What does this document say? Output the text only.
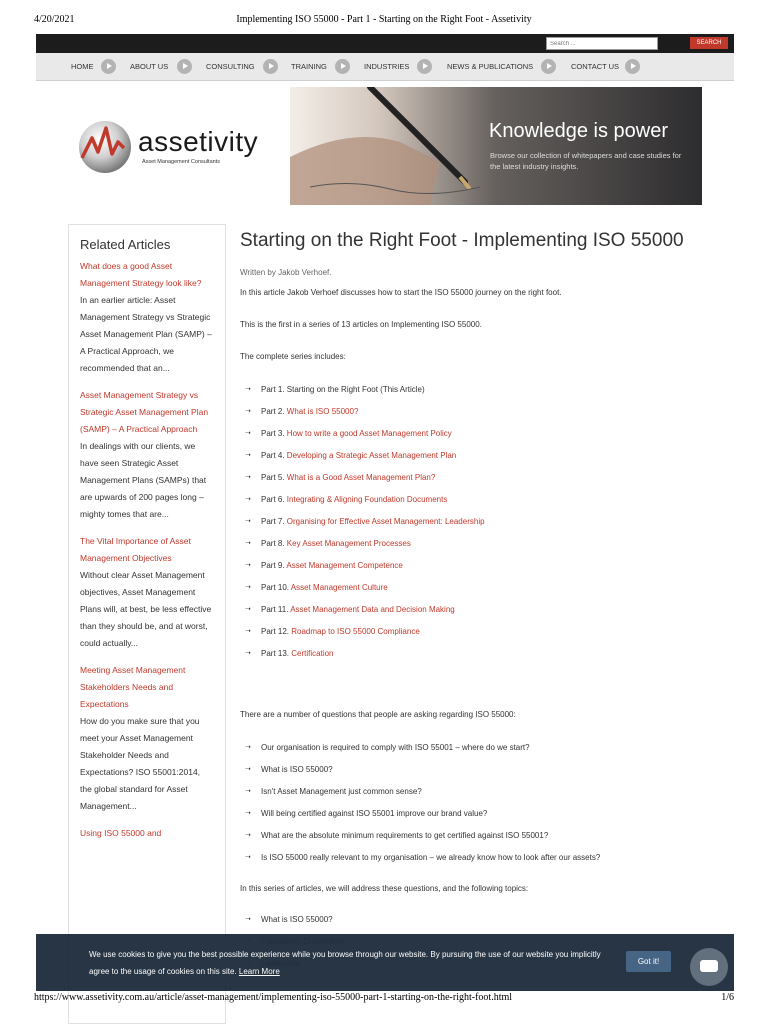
4/20/2021	Implementing ISO 55000 - Part 1 - Starting on the Right Foot - Assetivity
Search ...
SEARCH
HOME	ABOUT US	CONSULTING	TRAINING	INDUSTRIES	NEWS & PUBLICATIONS	CONTACT US
assetivity
Asset Management Consultants
Knowledge is power
Browse our collection of whitepapers and case studies for the latest industry insights.
Related Articles
What does a good Asset Management Strategy look like?
In an earlier article: Asset Management Strategy vs Strategic Asset Management Plan (SAMP) – A Practical Approach, we recommended that an...
Asset Management Strategy vs Strategic Asset Management Plan (SAMP) – A Practical Approach
In dealings with our clients, we have seen Strategic Asset Management Plans (SAMPs) that are upwards of 200 pages long – mighty tomes that are...
The Vital Importance of Asset Management Objectives
Without clear Asset Management objectives, Asset Management Plans will, at best, be less effective than they should be, and at worst, could actually...
Meeting Asset Management Stakeholders Needs and Expectations
How do you make sure that you meet your Asset Management Stakeholder Needs and Expectations? ISO 55001:2014, the global standard for Asset Management...
Using ISO 55000 and
Starting on the Right Foot - Implementing ISO 55000
Written by Jakob Verhoef.

In this article Jakob Verhoef discusses how to start the ISO 55000 journey on the right foot.

This is the first in a series of 13 articles on Implementing ISO 55000.

The complete series includes:

➝ Part 1. Starting on the Right Foot (This Article)
➝ Part 2. What is ISO 55000?
➝ Part 3. How to write a good Asset Management Policy
➝ Part 4. Developing a Strategic Asset Management Plan
➝ Part 5. What is a Good Asset Management Plan?
➝ Part 6. Integrating & Aligning Foundation Documents
➝ Part 7. Organising for Effective Asset Management: Leadership
➝ Part 8. Key Asset Management Processes
➝ Part 9. Asset Management Competence
➝ Part 10. Asset Management Culture
➝ Part 11. Asset Management Data and Decision Making
➝ Part 12. Roadmap to ISO 55000 Compliance
➝ Part 13. Certification

There are a number of questions that people are asking regarding ISO 55000:

➝ Our organisation is required to comply with ISO 55001 – where do we start?
➝ What is ISO 55000?
➝ Isn't Asset Management just common sense?
➝ Will being certified against ISO 55001 improve our brand value?
➝ What are the absolute minimum requirements to get certified against ISO 55001?
➝ Is ISO 55000 really relevant to my organisation – we already know how to look after our assets?

In this series of articles, we will address these questions, and the following topics:

➝ What is ISO 55000?
➝
➝
We use cookies to give you the best possible experience while you browse through our website. By pursuing the use of our website you implicitly agree to the usage of cookies on this site. Learn More
Got it!
https://www.assetivity.com.au/article/asset-management/implementing-iso-55000-part-1-starting-on-the-right-foot.html	1/6
